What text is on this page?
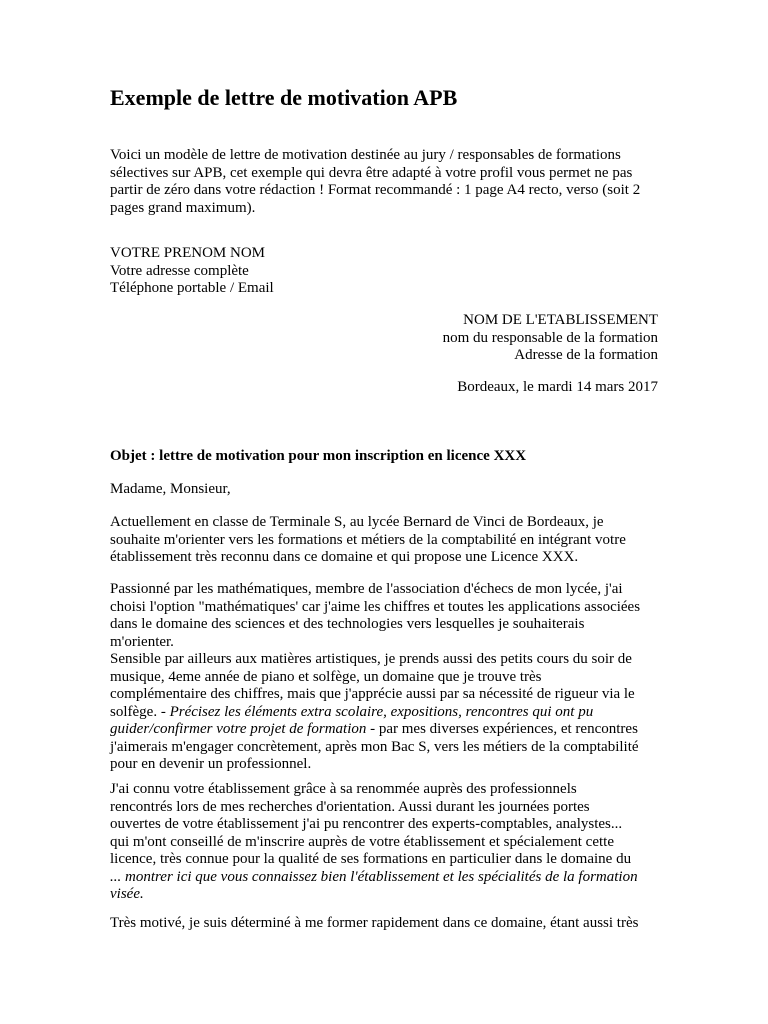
Exemple de lettre de motivation APB
Voici un modèle de lettre de motivation destinée au jury / responsables de formations
sélectives sur APB, cet exemple qui devra être adapté à votre profil vous permet ne pas
partir de zéro dans votre rédaction ! Format recommandé : 1 page A4 recto, verso (soit 2
pages grand maximum).
VOTRE PRENOM NOM
Votre adresse complète
Téléphone portable / Email
NOM DE L'ETABLISSEMENT
nom du responsable de la formation
Adresse de la formation
Bordeaux, le mardi 14 mars 2017
Objet : lettre de motivation pour mon inscription en licence XXX
Madame, Monsieur,
Actuellement en classe de Terminale S, au lycée Bernard de Vinci de Bordeaux, je
souhaite m'orienter vers les formations et métiers de la comptabilité en intégrant votre
établissement très reconnu dans ce domaine et qui propose une Licence XXX.
Passionné par les mathématiques, membre de l'association d'échecs de mon lycée, j'ai
choisi l'option "mathématiques' car j'aime les chiffres et toutes les applications associées
dans le domaine des sciences et des technologies vers lesquelles je souhaiterais
m'orienter.
Sensible par ailleurs aux matières artistiques, je prends aussi des petits cours du soir de
musique, 4eme année de piano et solfège, un domaine que je trouve très
complémentaire des chiffres, mais que j'apprécie aussi par sa nécessité de rigueur via le
solfège. - Précisez les éléments extra scolaire, expositions, rencontres qui ont pu
guider/confirmer votre projet de formation - par mes diverses expériences, et rencontres
j'aimerais m'engager concrètement, après mon Bac S, vers les métiers de la comptabilité
pour en devenir un professionnel.
J'ai connu votre établissement grâce à sa renommée auprès des professionnels
rencontrés lors de mes recherches d'orientation. Aussi durant les journées portes
ouvertes de votre établissement j'ai pu rencontrer des experts-comptables, analystes...
qui m'ont conseillé de m'inscrire auprès de votre établissement et spécialement cette
licence, très connue pour la qualité de ses formations en particulier dans le domaine du
... montrer ici que vous connaissez bien l'établissement et les spécialités de la formation
visée.
Très motivé, je suis déterminé à me former rapidement dans ce domaine, étant aussi très
